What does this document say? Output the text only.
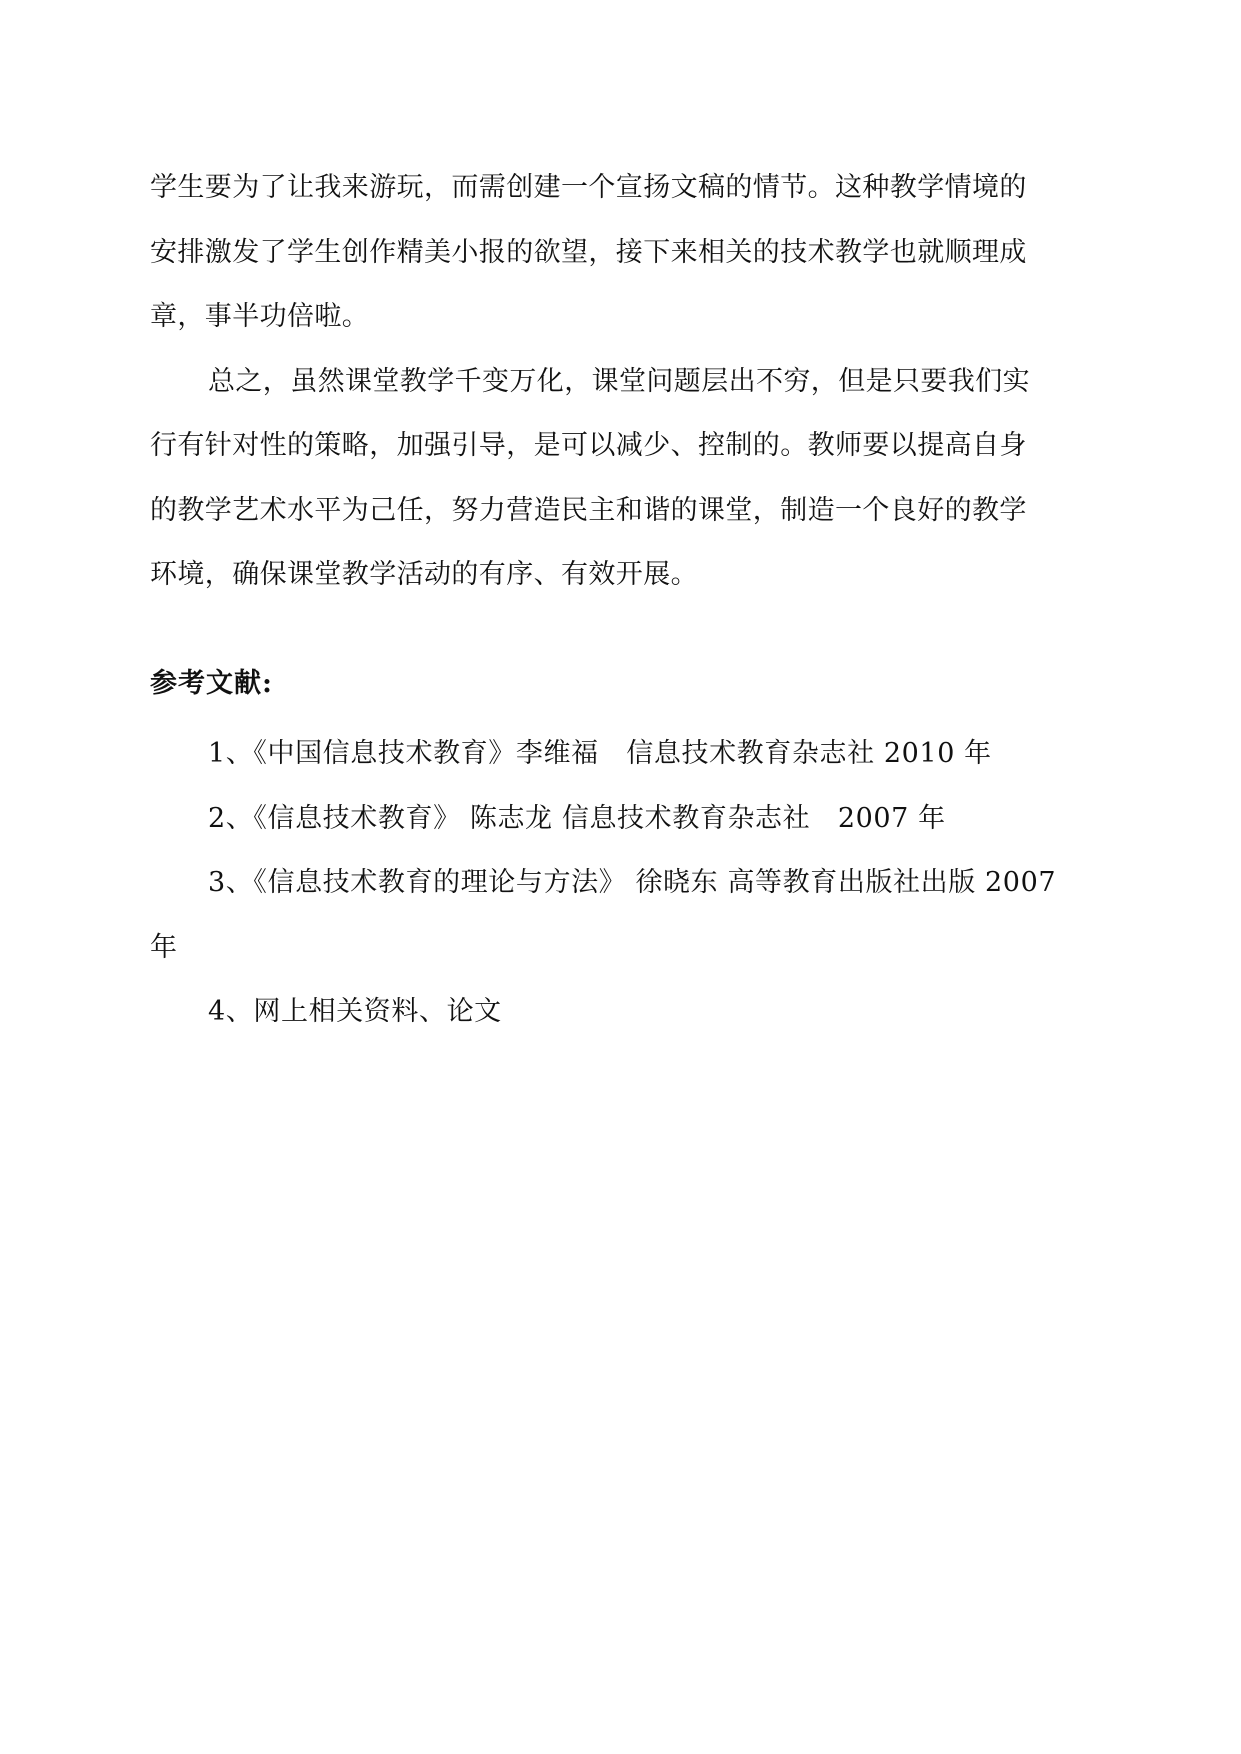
学生要为了让我来游玩，而需创建一个宣扬文稿的情节。这种教学情境的
安排激发了学生创作精美小报的欲望，接下来相关的技术教学也就顺理成
章，事半功倍啦。
总之，虽然课堂教学千变万化，课堂问题层出不穷，但是只要我们实
行有针对性的策略，加强引导，是可以减少、控制的。教师要以提高自身
的教学艺术水平为己任，努力营造民主和谐的课堂，制造一个良好的教学
环境，确保课堂教学活动的有序、有效开展。
参考文献:
1、《中国信息技术教育》李维福　信息技术教育杂志社 2010 年
2、《信息技术教育》 陈志龙 信息技术教育杂志社　2007 年
3、《信息技术教育的理论与方法》 徐晓东 高等教育出版社出版 2007
年
4、网上相关资料、论文
